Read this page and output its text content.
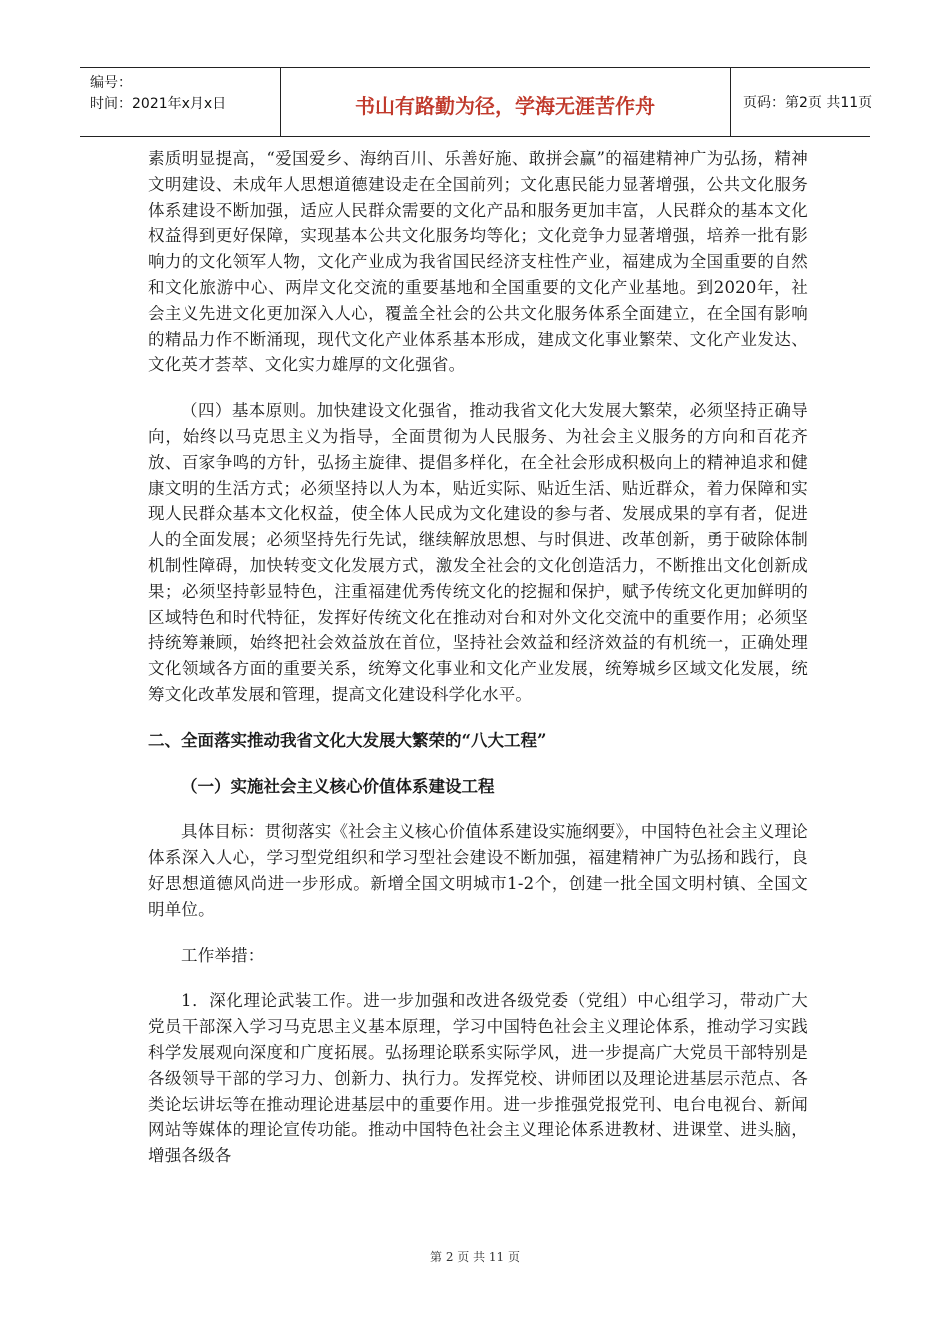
编号：
时间：2021年x月x日	书山有路勤为径，学海无涯苦作舟	页码：第2页 共11页

素质明显提高，“爱国爱乡、海纳百川、乐善好施、敢拼会赢”的福建精神广为弘扬，精神文明建设、未成年人思想道德建设走在全国前列；文化惠民能力显著增强，公共文化服务体系建设不断加强，适应人民群众需要的文化产品和服务更加丰富，人民群众的基本文化权益得到更好保障，实现基本公共文化服务均等化；文化竞争力显著增强，培养一批有影响力的文化领军人物，文化产业成为我省国民经济支柱性产业，福建成为全国重要的自然和文化旅游中心、两岸文化交流的重要基地和全国重要的文化产业基地。到2020年，社会主义先进文化更加深入人心，覆盖全社会的公共文化服务体系全面建立，在全国有影响的精品力作不断涌现，现代文化产业体系基本形成，建成文化事业繁荣、文化产业发达、文化英才荟萃、文化实力雄厚的文化强省。

（四）基本原则。加快建设文化强省，推动我省文化大发展大繁荣，必须坚持正确导向，始终以马克思主义为指导，全面贯彻为人民服务、为社会主义服务的方向和百花齐放、百家争鸣的方针，弘扬主旋律、提倡多样化，在全社会形成积极向上的精神追求和健康文明的生活方式；必须坚持以人为本，贴近实际、贴近生活、贴近群众，着力保障和实现人民群众基本文化权益，使全体人民成为文化建设的参与者、发展成果的享有者，促进人的全面发展；必须坚持先行先试，继续解放思想、与时俱进、改革创新，勇于破除体制机制性障碍，加快转变文化发展方式，激发全社会的文化创造活力，不断推出文化创新成果；必须坚持彰显特色，注重福建优秀传统文化的挖掘和保护，赋予传统文化更加鲜明的区域特色和时代特征，发挥好传统文化在推动对台和对外文化交流中的重要作用；必须坚持统筹兼顾，始终把社会效益放在首位，坚持社会效益和经济效益的有机统一，正确处理文化领域各方面的重要关系，统筹文化事业和文化产业发展，统筹城乡区域文化发展，统筹文化改革发展和管理，提高文化建设科学化水平。

二、全面落实推动我省文化大发展大繁荣的“八大工程”
（一）实施社会主义核心价值体系建设工程

具体目标：贯彻落实《社会主义核心价值体系建设实施纲要》，中国特色社会主义理论体系深入人心，学习型党组织和学习型社会建设不断加强，福建精神广为弘扬和践行，良好思想道德风尚进一步形成。新增全国文明城市1-2个，创建一批全国文明村镇、全国文明单位。

工作举措：

1．深化理论武装工作。进一步加强和改进各级党委（党组）中心组学习，带动广大党员干部深入学习马克思主义基本原理，学习中国特色社会主义理论体系，推动学习实践科学发展观向深度和广度拓展。弘扬理论联系实际学风，进一步提高广大党员干部特别是各级领导干部的学习力、创新力、执行力。发挥党校、讲师团以及理论进基层示范点、各类论坛讲坛等在推动理论进基层中的重要作用。进一步推强党报党刊、电台电视台、新闻网站等媒体的理论宣传功能。推动中国特色社会主义理论体系进教材、进课堂、进头脑，增强各级各

第 2 页 共 11 页
